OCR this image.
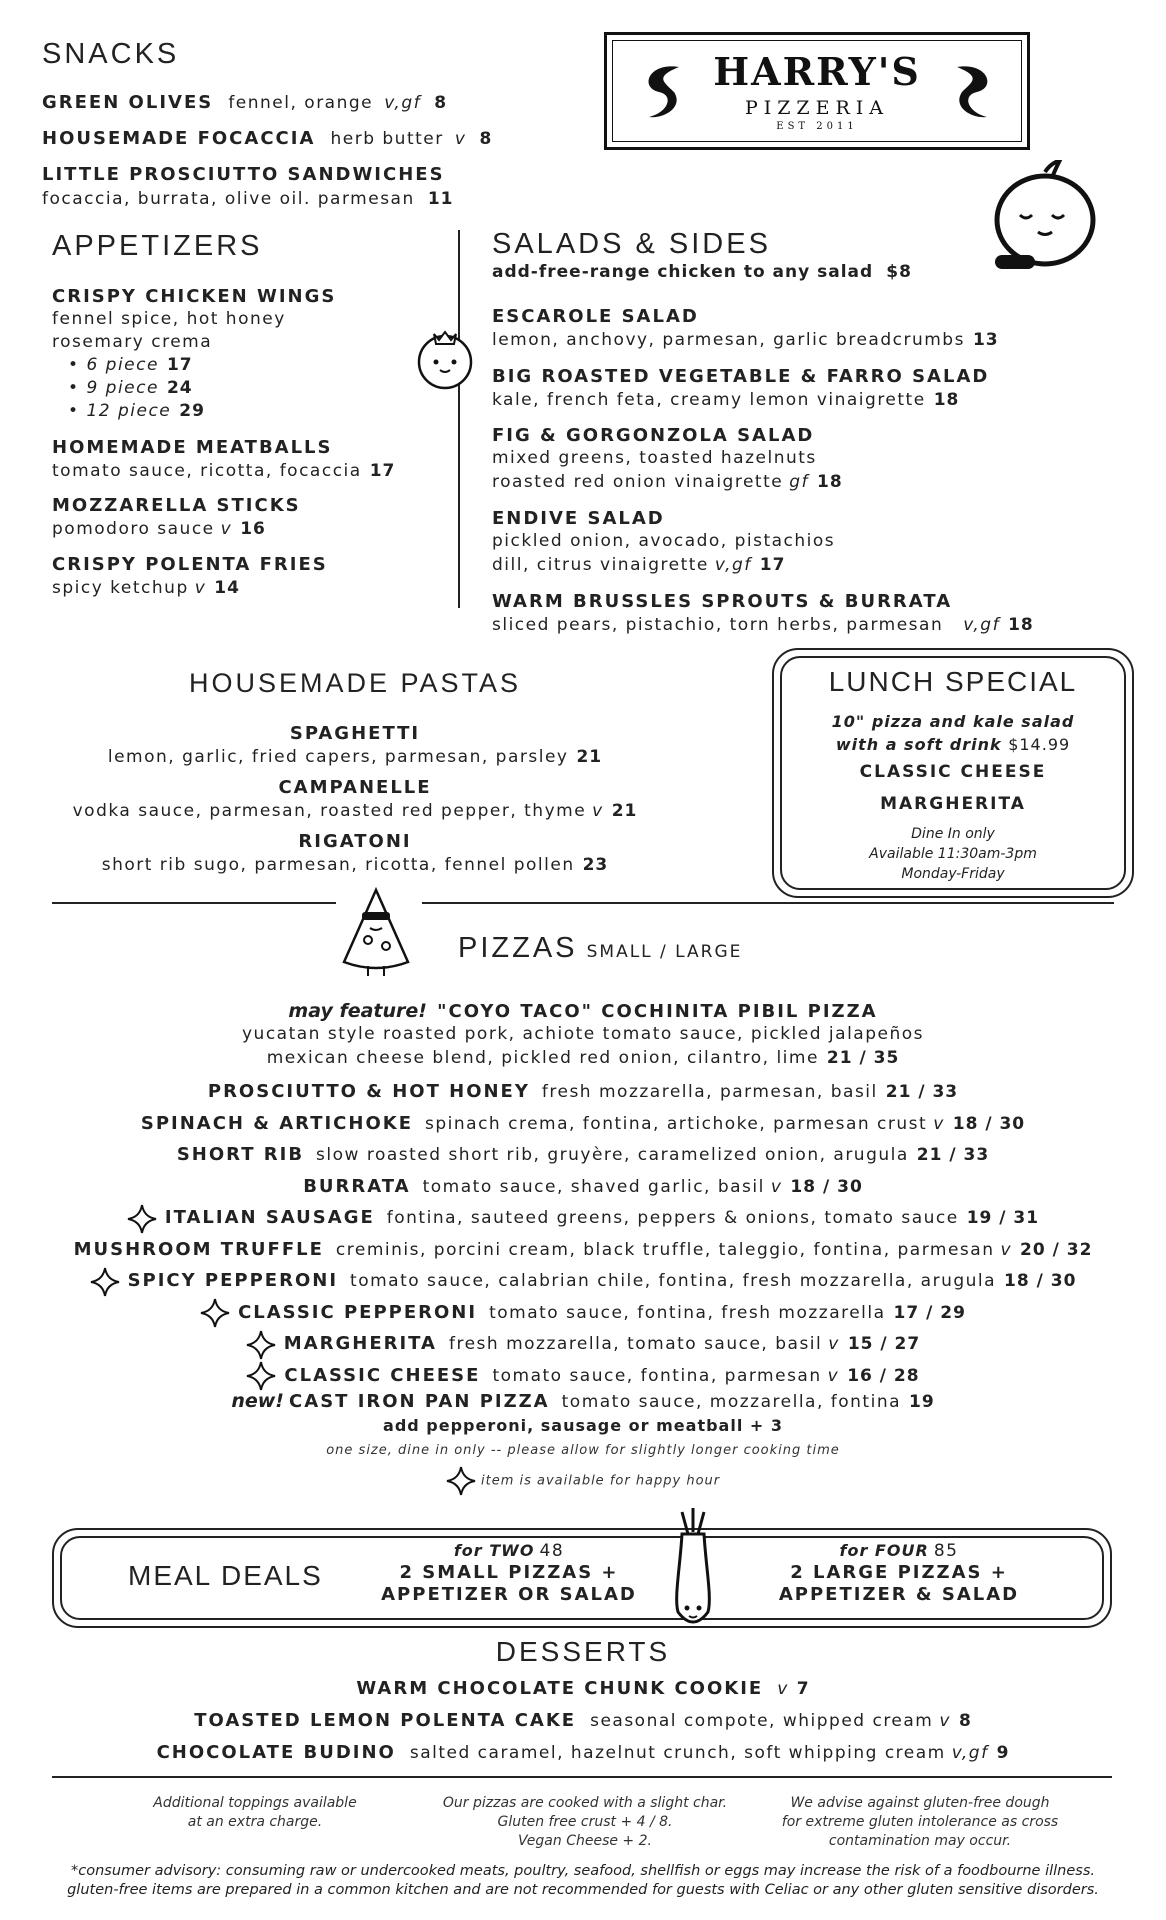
SNACKS

GREEN OLIVES fennel, orange v,gf 8

HOUSEMADE FOCACCIA herb butter v 8

LITTLE PROSCIUTTO SANDWICHES

focaccia, burrata, olive oil. parmesan 11

HARRY'S
PIZZERIA
EST 2011
APPETIZERS

CRISPY CHICKEN WINGS

fennel spice, hot honey

rosemary crema

• 6 piece 17

• 9 piece 24

• 12 piece 29

HOMEMADE MEATBALLS

tomato sauce, ricotta, focaccia 17

MOZZARELLA STICKS

pomodoro sauce v 16

CRISPY POLENTA FRIES

spicy ketchup v 14

SALADS & SIDES
add-free-range chicken to any salad $8

ESCAROLE SALAD

lemon, anchovy, parmesan, garlic breadcrumbs 13

BIG ROASTED VEGETABLE & FARRO SALAD

kale, french feta, creamy lemon vinaigrette 18

FIG & GORGONZOLA SALAD

mixed greens, toasted hazelnuts

roasted red onion vinaigrette gf 18

ENDIVE SALAD

pickled onion, avocado, pistachios

dill, citrus vinaigrette v,gf 17

WARM BRUSSLES SPROUTS & BURRATA

sliced pears, pistachio, torn herbs, parmesan v,gf 18

HOUSEMADE PASTAS

SPAGHETTI

lemon, garlic, fried capers, parmesan, parsley 21

CAMPANELLE

vodka sauce, parmesan, roasted red pepper, thyme v 21

RIGATONI

short rib sugo, parmesan, ricotta, fennel pollen 23

LUNCH SPECIAL
10" pizza and kale salad
with a soft drink $14.99
CLASSIC CHEESE
MARGHERITA
Dine In only
Available 11:30am-3pm
Monday-Friday
PIZZAS SMALL / LARGE

may feature! "COYO TACO" COCHINITA PIBIL PIZZA

yucatan style roasted pork, achiote tomato sauce, pickled jalapeños

mexican cheese blend, pickled red onion, cilantro, lime 21 / 35

PROSCIUTTO & HOT HONEY fresh mozzarella, parmesan, basil 21 / 33
SPINACH & ARTICHOKE spinach crema, fontina, artichoke, parmesan crust v 18 / 30
SHORT RIB slow roasted short rib, gruyère, caramelized onion, arugula 21 / 33
BURRATA tomato sauce, shaved garlic, basil v 18 / 30
ITALIAN SAUSAGE fontina, sauteed greens, peppers & onions, tomato sauce 19 / 31
MUSHROOM TRUFFLE creminis, porcini cream, black truffle, taleggio, fontina, parmesan v 20 / 32
SPICY PEPPERONI tomato sauce, calabrian chile, fontina, fresh mozzarella, arugula 18 / 30
CLASSIC PEPPERONI tomato sauce, fontina, fresh mozzarella 17 / 29
MARGHERITA fresh mozzarella, tomato sauce, basil v 15 / 27
CLASSIC CHEESE tomato sauce, fontina, parmesan v 16 / 28

new! CAST IRON PAN PIZZA tomato sauce, mozzarella, fontina 19

add pepperoni, sausage or meatball + 3

one size, dine in only -- please allow for slightly longer cooking time

item is available for happy hour

MEAL DEALS
for TWO 48
2 SMALL PIZZAS +
APPETIZER OR SALAD
for FOUR 85
2 LARGE PIZZAS +
APPETIZER & SALAD
DESSERTS

WARM CHOCOLATE CHUNK COOKIE v 7

TOASTED LEMON POLENTA CAKE seasonal compote, whipped cream v 8

CHOCOLATE BUDINO salted caramel, hazelnut crunch, soft whipping cream v,gf 9

Additional toppings available
at an extra charge.
Our pizzas are cooked with a slight char.
Gluten free crust + 4 / 8.
Vegan Cheese + 2.
We advise against gluten-free dough
for extreme gluten intolerance as cross
contamination may occur.
*consumer advisory: consuming raw or undercooked meats, poultry, seafood, shellfish or eggs may increase the risk of a foodbourne illness.
gluten-free items are prepared in a common kitchen and are not recommended for guests with Celiac or any other gluten sensitive disorders.
